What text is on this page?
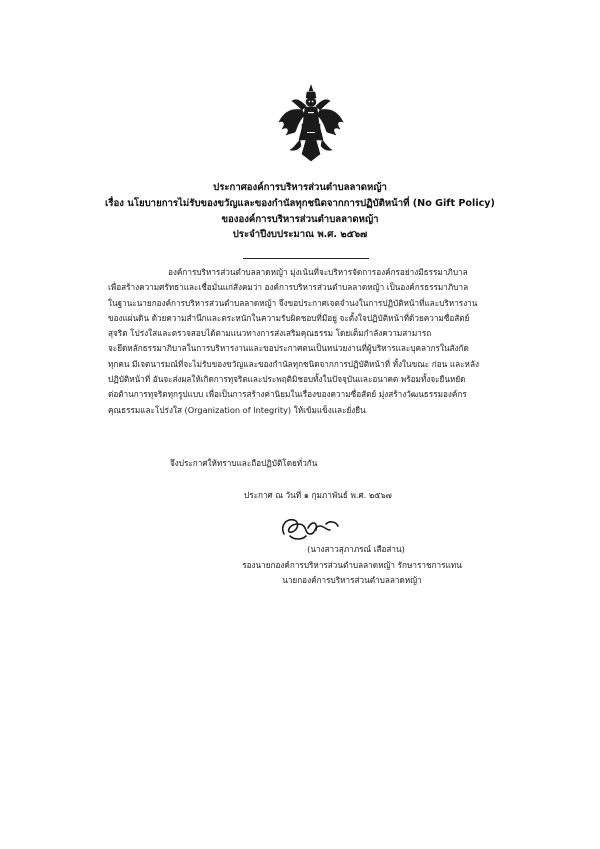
ประกาศองค์การบริหารส่วนตำบลลาดหญ้า
เรื่อง นโยบายการไม่รับของขวัญและของกำนัลทุกชนิดจากการปฏิบัติหน้าที่ (No Gift Policy)
ขององค์การบริหารส่วนตำบลลาดหญ้า
ประจำปีงบประมาณ พ.ศ. ๒๕๖๗
องค์การบริหารส่วนตำบลลาดหญ้า มุ่งเน้นที่จะบริหารจัดการองค์กรอย่างมีธรรมาภิบาล
เพื่อสร้างความศรัทธาและเชื่อมั่นแก่สังคมว่า องค์การบริหารส่วนตำบลลาดหญ้า เป็นองค์กรธรรมาภิบาล
ในฐานะนายกองค์การบริหารส่วนตำบลลาดหญ้า จึงขอประกาศเจตจำนงในการปฏิบัติหน้าที่และบริหารงาน
ของแผ่นดิน ด้วยความสำนึกและตระหนักในความรับผิดชอบที่มีอยู่ จะตั้งใจปฏิบัติหน้าที่ด้วยความซื่อสัตย์
สุจริต โปร่งใสและตรวจสอบได้ตามแนวทางการส่งเสริมคุณธรรม โดยเต็มกำลังความสามารถ
จะยึดหลักธรรมาภิบาลในการบริหารงานและขอประกาศตนเป็นหน่วยงานที่ผู้บริหารและบุคลากรในสังกัด
ทุกคน มีเจตนารมณ์ที่จะไม่รับของขวัญและของกำนัลทุกชนิดจากการปฏิบัติหน้าที่ ทั้งในขณะ ก่อน และหลัง
ปฏิบัติหน้าที่ อันจะส่งผลให้เกิดการทุจริตและประพฤติมิชอบทั้งในปัจจุบันและอนาคต พร้อมทั้งจะยืนหยัด
ต่อต้านการทุจริตทุกรูปแบบ เพื่อเป็นการสร้างค่านิยมในเรื่องของความซื่อสัตย์ มุ่งสร้างวัฒนธรรมองค์กร
คุณธรรมและโปร่งใส (Organization of Integrity) ให้เข้มแข็งและยั่งยืน
จึงประกาศให้ทราบและถือปฏิบัติโดยทั่วกัน
ประกาศ ณ วันที่ ๑ กุมภาพันธ์ พ.ศ. ๒๕๖๗
(นางสาวสุภาภรณ์ เสือส่าน)
รองนายกองค์การบริหารส่วนตำบลลาดหญ้า รักษาราชการแทน
นายกองค์การบริหารส่วนตำบลลาดหญ้า
